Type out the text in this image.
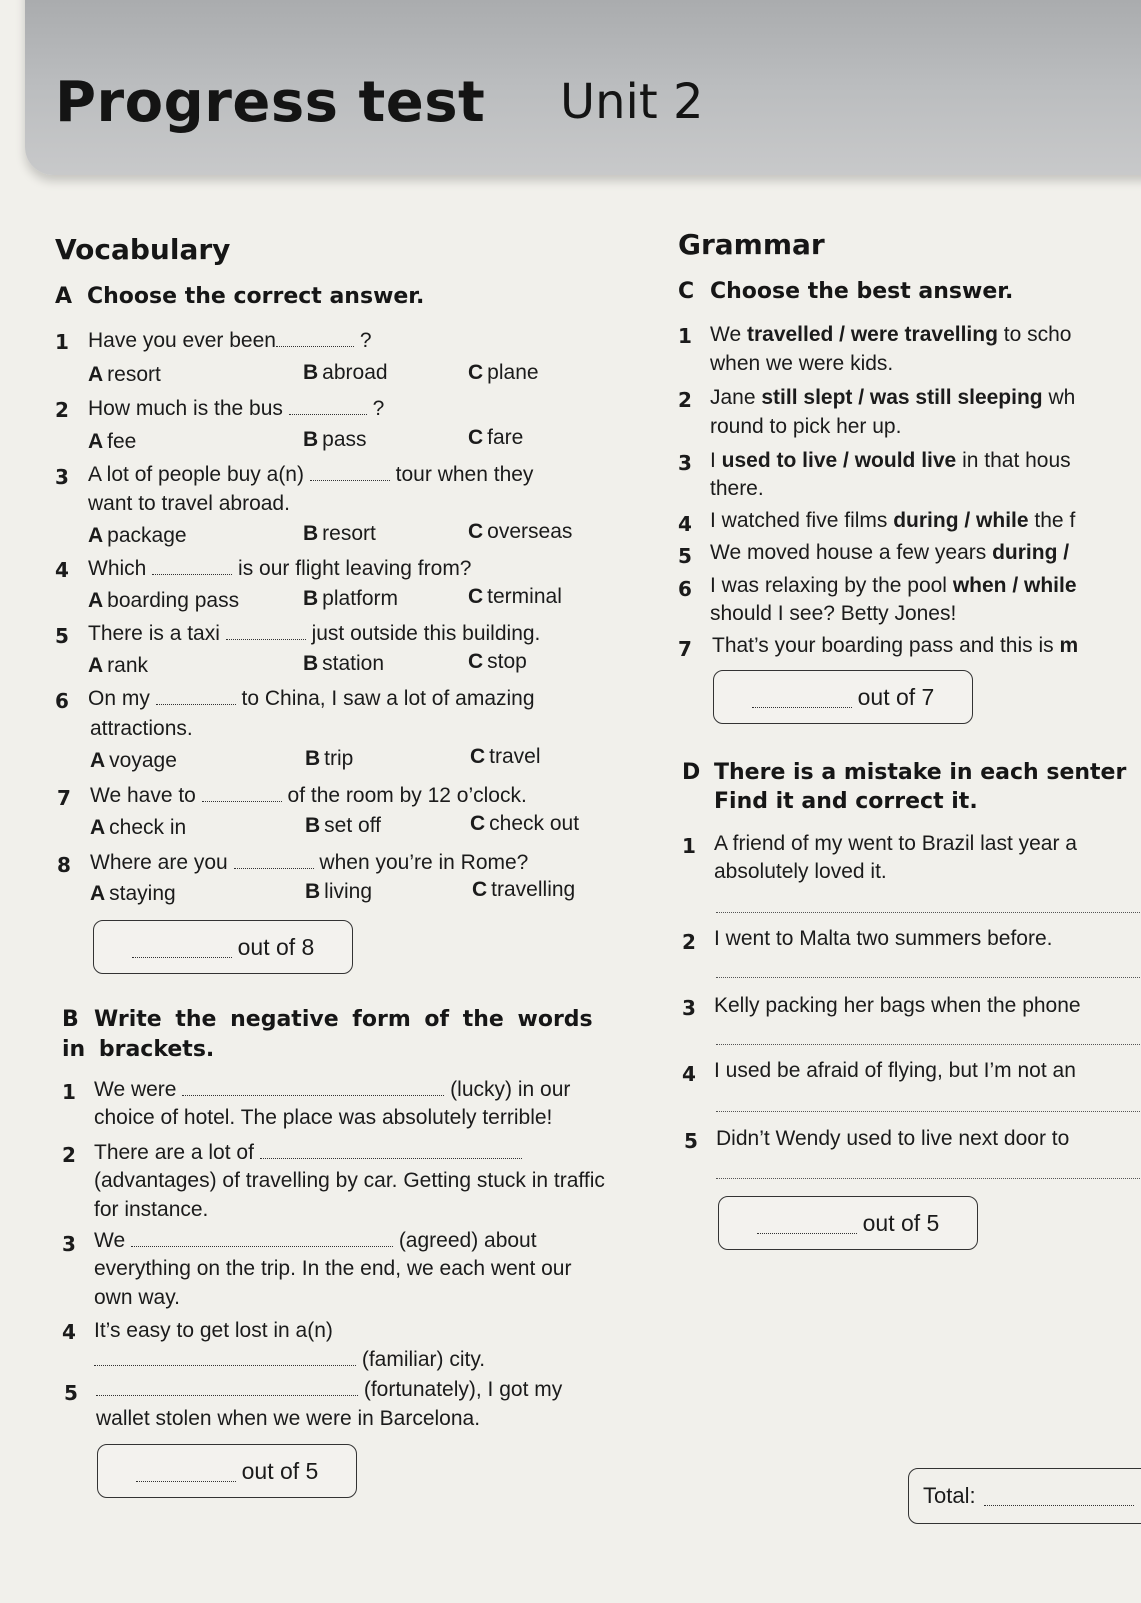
Progress test Unit 2
Vocabulary
A Choose the correct answer.
1 Have you ever been	?
A resort	B abroad	C plane
2 How much is the bus	?
A fee	B pass	C fare
3 A lot of people buy a(n)	tour when they
want to travel abroad.
A package	B resort	C overseas
4 Which	is our flight leaving from?
A boarding pass	B platform	C terminal
5 There is a taxi	just outside this building.
A rank	B station	C stop
6 On my	to China, I saw a lot of amazing
attractions.
A voyage	B trip	C travel
7 We have to	of the room by 12 o’clock.
A check in	B set off	C check out
8 Where are you	when you’re in Rome?
A staying	B living	C travelling
out of 8
B Write the negative form of the words in brackets.
1 We were	(lucky) in our
choice of hotel. The place was absolutely terrible!
2 There are a lot of
(advantages) of travelling by car. Getting stuck in traffic for instance.
3 We	(agreed) about
everything on the trip. In the end, we each went our own way.
4 It’s easy to get lost in a(n)
(familiar) city.
5	(fortunately), I got my
wallet stolen when we were in Barcelona.
out of 5
Grammar
C Choose the best answer.
1 We travelled / were travelling to scho
when we were kids.
2 Jane still slept / was still sleeping wh
round to pick her up.
3 I used to live / would live in that hous
there.
4 I watched five films during / while the f
5 We moved house a few years during /
6 I was relaxing by the pool when / while
should I see? Betty Jones!
7 That’s your boarding pass and this is m
out of 7
D There is a mistake in each senter
Find it and correct it.
1 A friend of my went to Brazil last year a
absolutely loved it.
2 I went to Malta two summers before.
3 Kelly packing her bags when the phone
4 I used be afraid of flying, but I’m not an
5 Didn’t Wendy used to live next door to
out of 5
Total:
